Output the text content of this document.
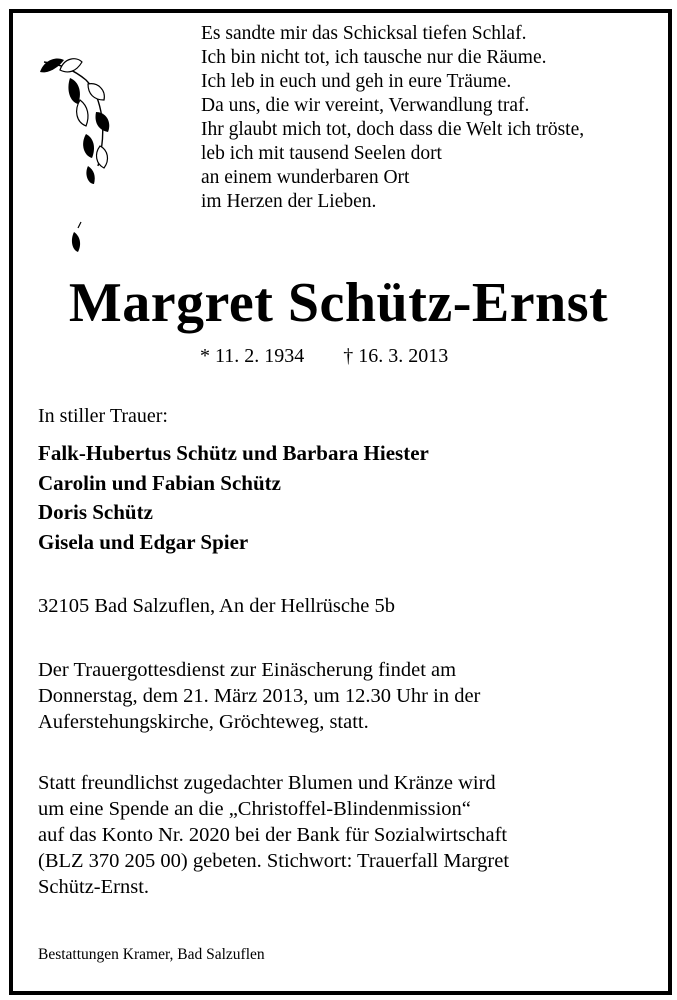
Es sandte mir das Schicksal tiefen Schlaf.
Ich bin nicht tot, ich tausche nur die Räume.
Ich leb in euch und geh in eure Träume.
Da uns, die wir vereint, Verwandlung traf.
Ihr glaubt mich tot, doch dass die Welt ich tröste,
leb ich mit tausend Seelen dort
an einem wunderbaren Ort
im Herzen der Lieben.
Margret Schütz-Ernst
* 11. 2. 1934 † 16. 3. 2013
In stiller Trauer:
Falk-Hubertus Schütz und Barbara Hiester
Carolin und Fabian Schütz
Doris Schütz
Gisela und Edgar Spier
32105 Bad Salzuflen, An der Hellrüsche 5b
Der Trauergottesdienst zur Einäscherung findet am
Donnerstag, dem 21. März 2013, um 12.30 Uhr in der
Auferstehungskirche, Gröchteweg, statt.
Statt freundlichst zugedachter Blumen und Kränze wird
um eine Spende an die „Christoffel-Blindenmission“
auf das Konto Nr. 2020 bei der Bank für Sozialwirtschaft
(BLZ 370 205 00) gebeten. Stichwort: Trauerfall Margret
Schütz-Ernst.
Bestattungen Kramer, Bad Salzuflen
